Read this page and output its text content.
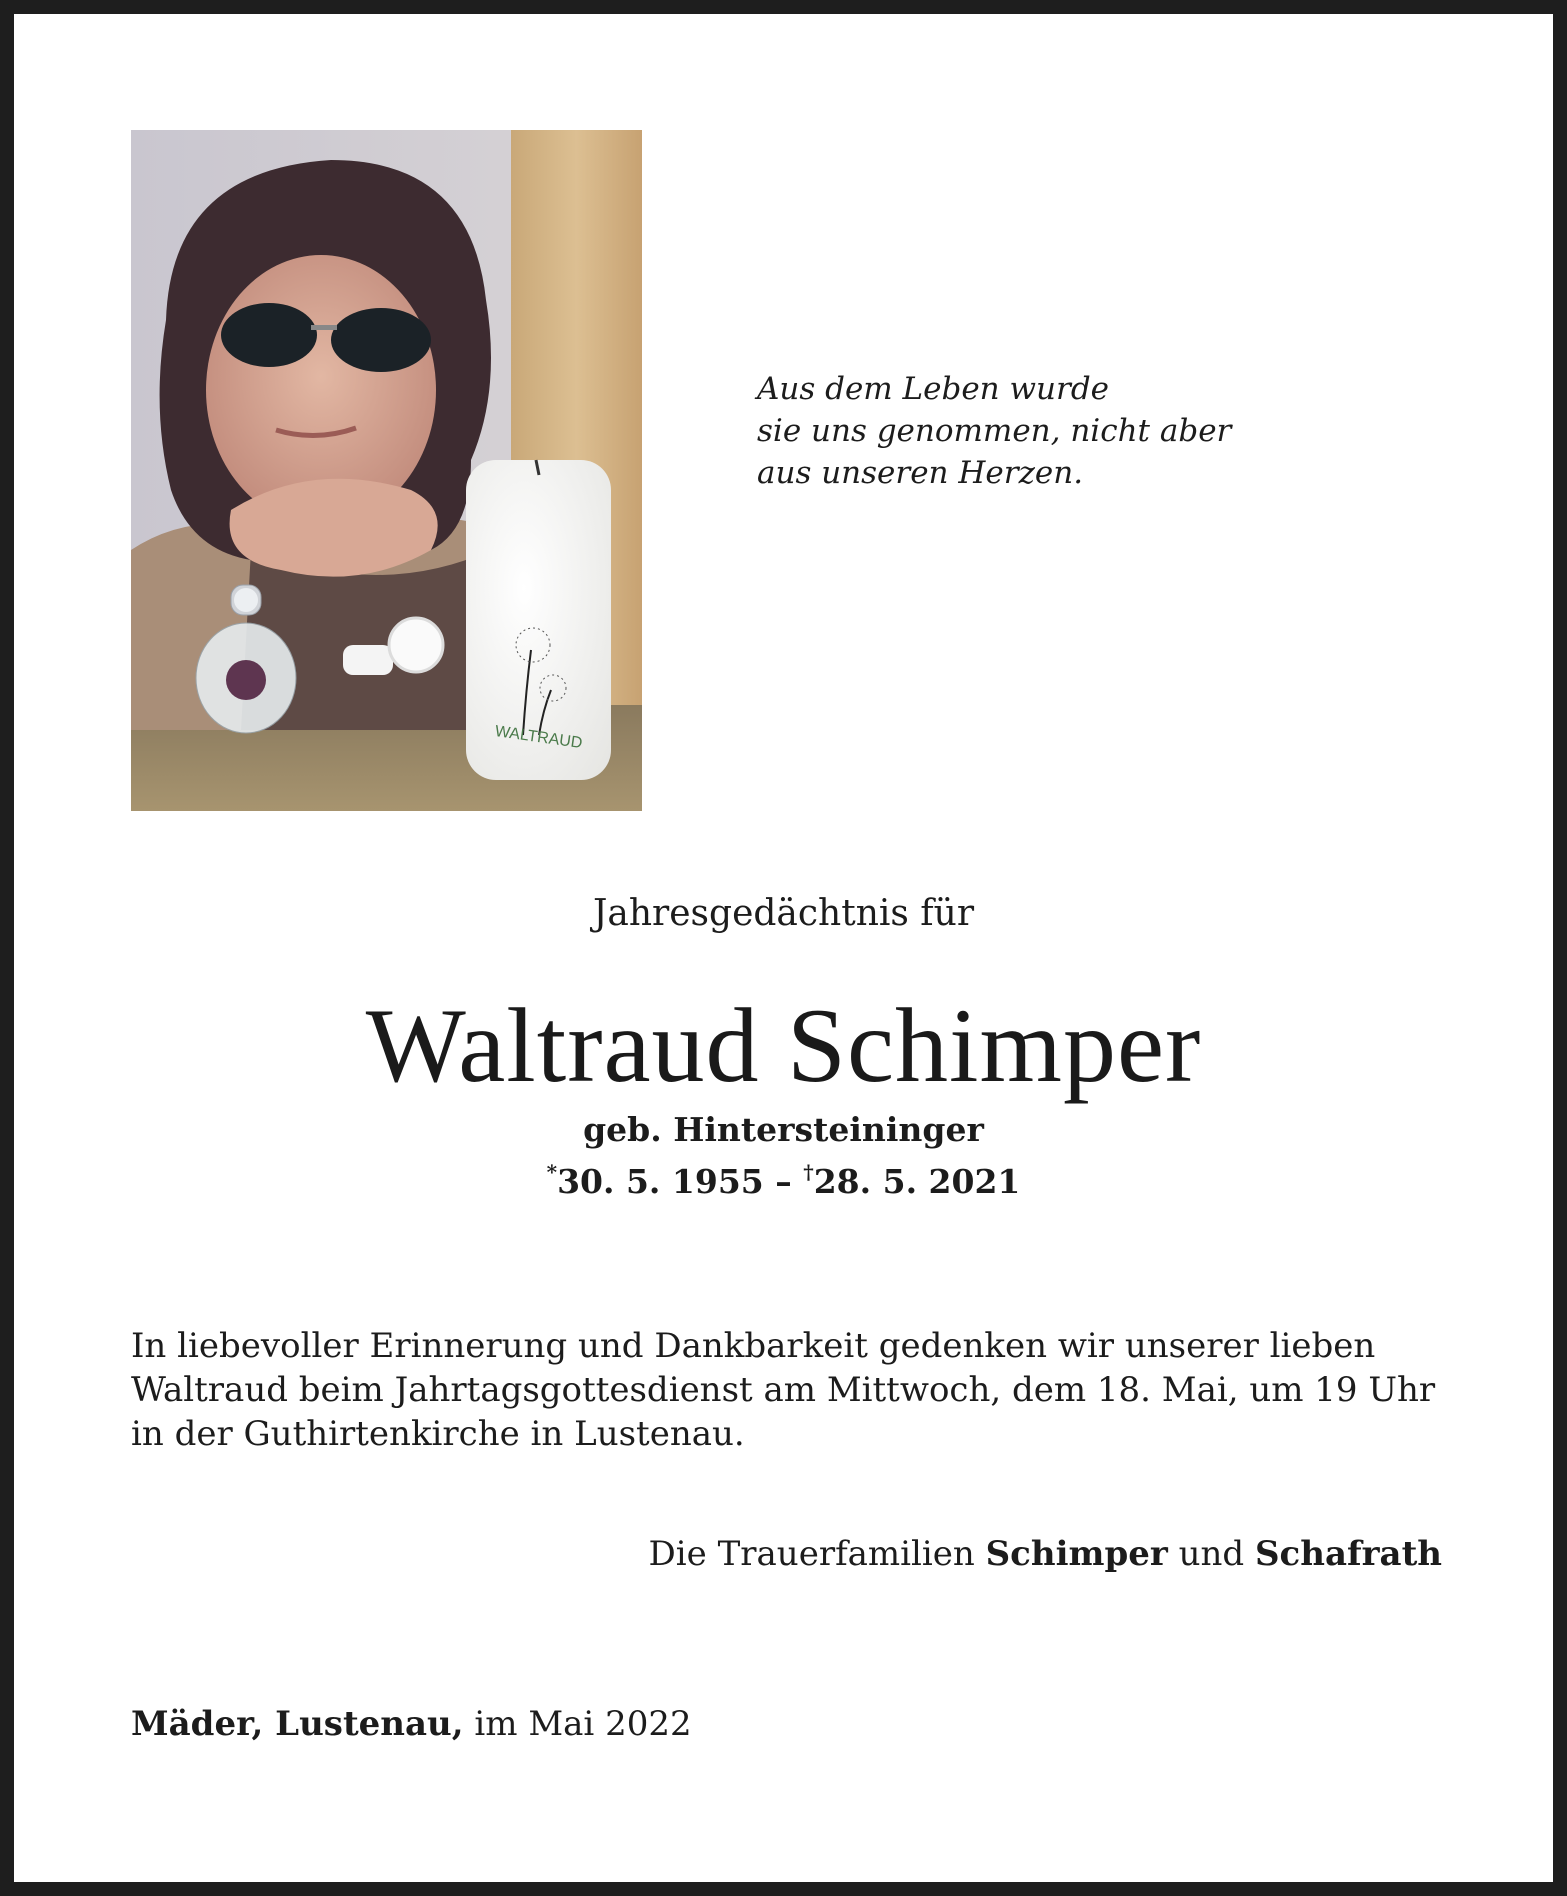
WALTRAUD
Aus dem Leben wurde
sie uns genommen, nicht aber
aus unseren Herzen.
Jahresgedächtnis für
Waltraud Schimper
geb. Hintersteininger
*30. 5. 1955 – †28. 5. 2021
In liebevoller Erinnerung und Dankbarkeit gedenken wir unserer lieben
Waltraud beim Jahrtagsgottesdienst am Mittwoch, dem 18. Mai, um 19 Uhr
in der Guthirtenkirche in Lustenau.
Die Trauerfamilien Schimper und Schafrath
Mäder, Lustenau, im Mai 2022
